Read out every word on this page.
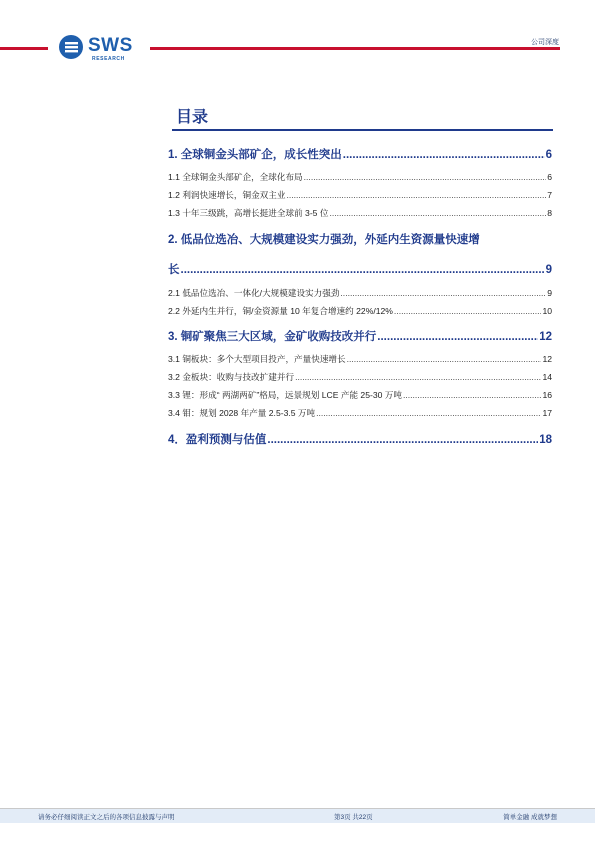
SWS
RESEARCH
公司深度
目录
1. 全球铜金头部矿企，成长性突出 .....	6
1.1 全球铜金头部矿企，全球化布局 .....	6
1.2 利润快速增长，铜金双主业 .....	7
1.3 十年三级跳，高增长挺进全球前 3-5 位 .....	8
2. 低品位选冶、大规模建设实力强劲，外延内生资源量快速增
长 .....	9
2.1 低品位选冶、一体化/大规模建设实力强劲 .....	9
2.2 外延内生并行，铜/金资源量 10 年复合增速约 22%/12% .....	10
3. 铜矿聚焦三大区域，金矿收购技改并行 .....	12
3.1 铜板块：多个大型项目投产，产量快速增长 .....	12
3.2 金板块：收购与技改扩建并行 .....	14
3.3 锂：形成“ 两湖两矿”格局，远景规划 LCE 产能 25-30 万吨 .....	16
3.4 钼：规划 2028 年产量 2.5-3.5 万吨 .....	17
4．盈利预测与估值 .....	18
请务必仔细阅读正文之后的各项信息披露与声明	第3页 共22页	简单金融 成就梦想
